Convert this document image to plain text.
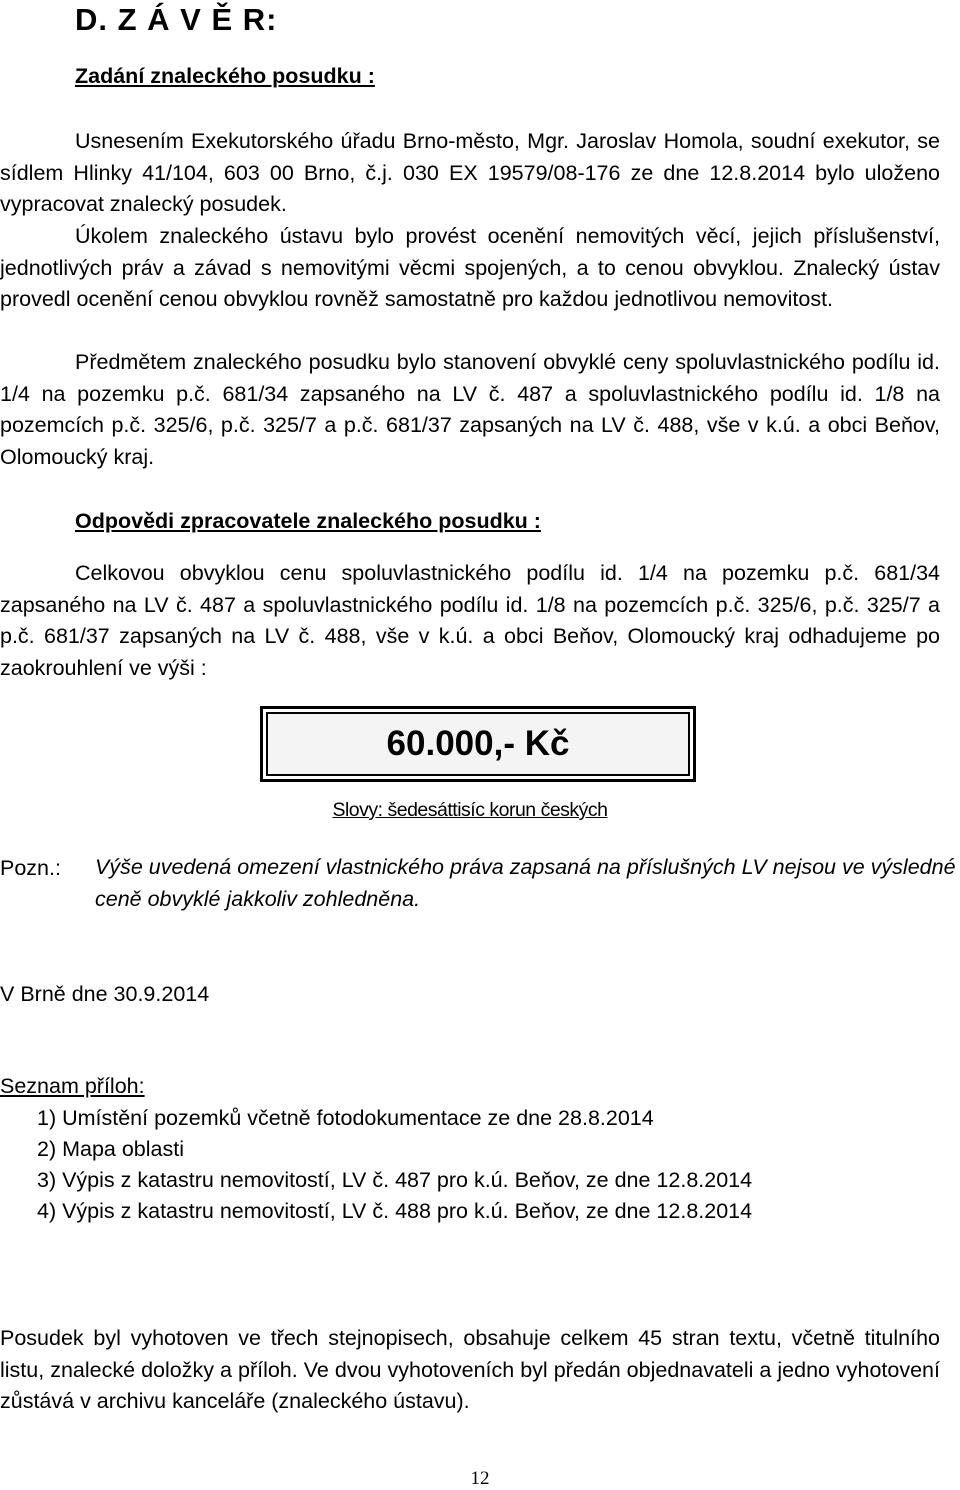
D. Z Á V Ě R:
Zadání znaleckého posudku :
Usnesením Exekutorského úřadu Brno-město, Mgr. Jaroslav Homola, soudní exekutor, se sídlem Hlinky 41/104, 603 00 Brno, č.j. 030 EX 19579/08-176 ze dne 12.8.2014 bylo uloženo vypracovat znalecký posudek.
Úkolem znaleckého ústavu bylo provést ocenění nemovitých věcí, jejich příslušenství, jednotlivých práv a závad s nemovitými věcmi spojených, a to cenou obvyklou. Znalecký ústav provedl ocenění cenou obvyklou rovněž samostatně pro každou jednotlivou nemovitost.
Předmětem znaleckého posudku bylo stanovení obvyklé ceny spoluvlastnického podílu id. 1/4 na pozemku p.č. 681/34 zapsaného na LV č. 487 a spoluvlastnického podílu id. 1/8 na pozemcích p.č. 325/6, p.č. 325/7 a p.č. 681/37 zapsaných na LV č. 488, vše v k.ú. a obci Beňov, Olomoucký kraj.
Odpovědi zpracovatele znaleckého posudku :
Celkovou obvyklou cenu spoluvlastnického podílu id. 1/4 na pozemku p.č. 681/34 zapsaného na LV č. 487 a spoluvlastnického podílu id. 1/8 na pozemcích p.č. 325/6, p.č. 325/7 a p.č. 681/37 zapsaných na LV č. 488, vše v k.ú. a obci Beňov, Olomoucký kraj odhadujeme po zaokrouhlení ve výši :
60.000,- Kč
Slovy: šedesáttisíc korun českých
Pozn.: Výše uvedená omezení vlastnického práva zapsaná na příslušných LV nejsou ve výsledné ceně obvyklé jakkoliv zohledněna.
V Brně dne 30.9.2014
Seznam příloh:
1) Umístění pozemků včetně fotodokumentace ze dne 28.8.2014
2) Mapa oblasti
3) Výpis z katastru nemovitostí, LV č. 487 pro k.ú. Beňov, ze dne 12.8.2014
4) Výpis z katastru nemovitostí, LV č. 488 pro k.ú. Beňov, ze dne 12.8.2014
Posudek byl vyhotoven ve třech stejnopisech, obsahuje celkem 45 stran textu, včetně titulního listu, znalecké doložky a příloh. Ve dvou vyhotoveních byl předán objednavateli a jedno vyhotovení zůstává v archivu kanceláře (znaleckého ústavu).
12
